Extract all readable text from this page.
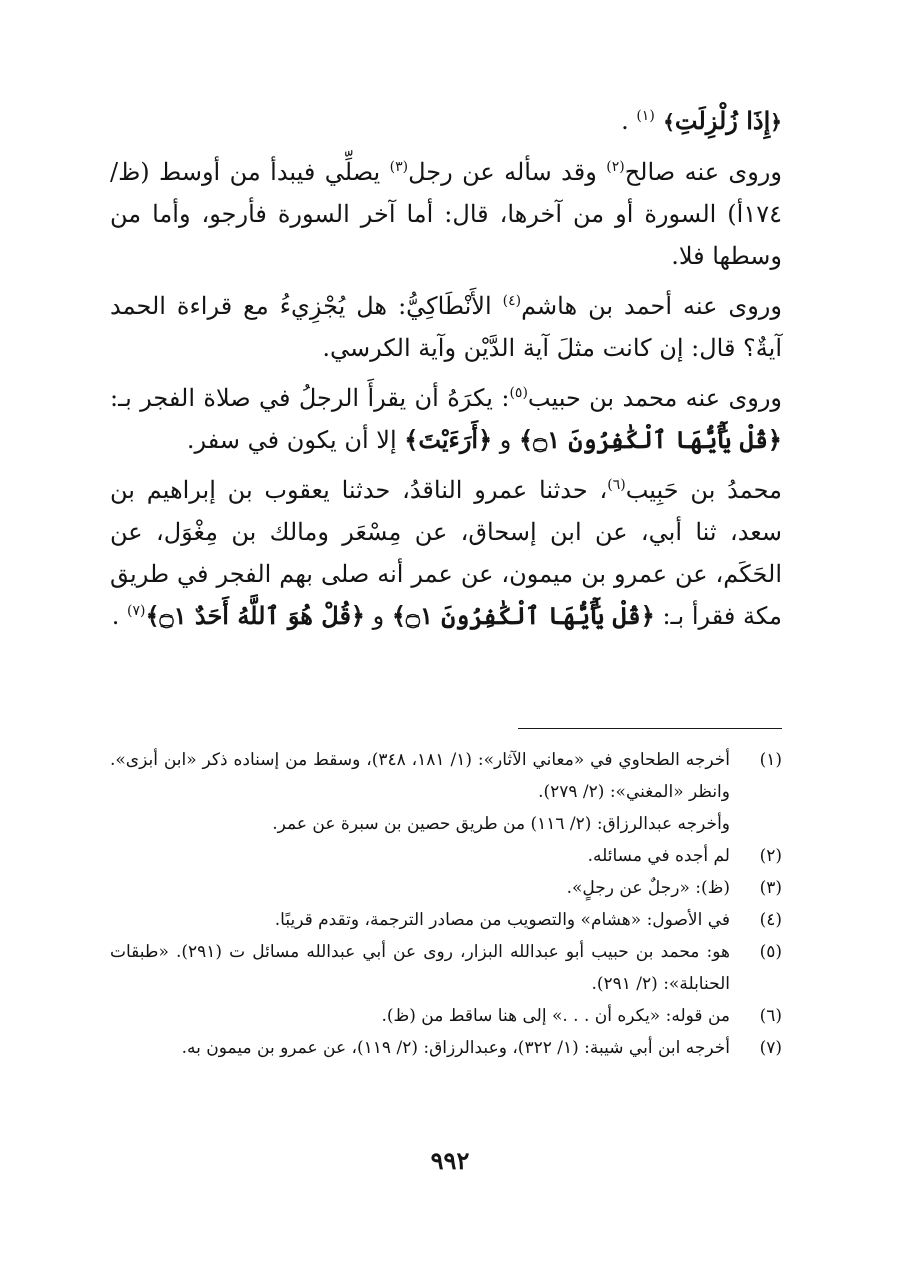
﴿إِذَا زُلْزِلَتِ﴾ $^{(١)}$ .

وروى عنه صالح$^{(٢)}$ وقد سأله عن رجل$^{(٣)}$ يصلِّي فيبدأ من أوسط (ظ/١٧٤أ) السورة أو من آخرها، قال: أما آخر السورة فأرجو، وأما من وسطها فلا.

وروى عنه أحمد بن هاشم$^{(٤)}$ الأَنْطَاكِيُّ: هل يُجْزِيءُ مع قراءة الحمد آيةٌ؟ قال: إن كانت مثلَ آية الدَّيْن وآية الكرسي.

وروى عنه محمد بن حبيب$^{(٥)}$: يكرَهُ أن يقرأَ الرجلُ في صلاة الفجر بـ: ﴿قُلْ يَٰٓأَيُّهَا ٱلْكَٰفِرُونَ ۝١﴾ و ﴿أَرَءَيْتَ﴾ إلا أن يكون في سفر.

محمدُ بن حَبِيب$^{(٦)}$، حدثنا عمرو الناقدُ، حدثنا يعقوب بن إبراهيم بن سعد، ثنا أبي، عن ابن إسحاق، عن مِسْعَر ومالك بن مِغْوَل، عن الحَكَم، عن عمرو بن ميمون، عن عمر أنه صلى بهم الفجر في طريق مكة فقرأ بـ: ﴿قُلْ يَٰٓأَيُّهَا ٱلْكَٰفِرُونَ ۝١﴾ و ﴿قُلْ هُوَ ٱللَّهُ أَحَدٌ ۝١﴾$^{(٧)}$ .

(١)
أخرجه الطحاوي في «معاني الآثار»: (١/ ١٨١، ٣٤٨)، وسقط من إسناده ذكر «ابن أبزى». وانظر «المغني»: (٢/ ٢٧٩).
وأخرجه عبدالرزاق: (٢/ ١١٦) من طريق حصين بن سبرة عن عمر.
(٢)
لم أجده في مسائله.
(٣)
(ظ): «رجلٌ عن رجلٍ».
(٤)
في الأصول: «هشام» والتصويب من مصادر الترجمة، وتقدم قريبًا.
(٥)
هو: محمد بن حبيب أبو عبدالله البزار، روى عن أبي عبدالله مسائل ت (٢٩١). «طبقات الحنابلة»: (٢/ ٢٩١).
(٦)
من قوله: «يكره أن . . .» إلى هنا ساقط من (ظ).
(٧)
أخرجه ابن أبي شيبة: (١/ ٣٢٢)، وعبدالرزاق: (٢/ ١١٩)، عن عمرو بن ميمون به.
٩٩٢
